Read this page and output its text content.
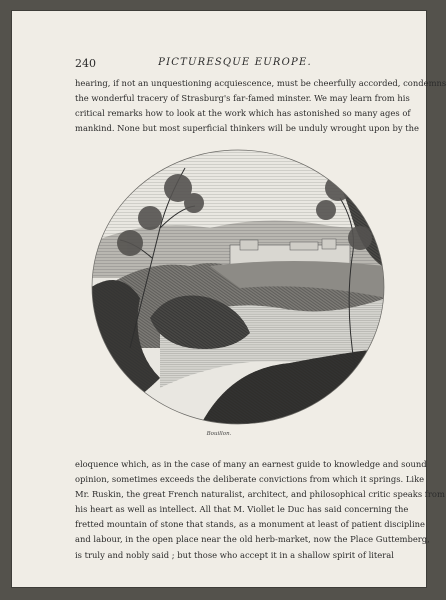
240	PICTURESQUE EUROPE.
hearing, if not an unquestioning acquiescence, must be cheerfully accorded, condemns
the wonderful tracery of Strasburg's far-famed minster. We may learn from his
critical remarks how to look at the work which has astonished so many ages of
mankind. None but most superficial thinkers will be unduly wrought upon by the
Bouillon.
eloquence which, as in the case of many an earnest guide to knowledge and sound
opinion, sometimes exceeds the deliberate convictions from which it springs. Like
Mr. Ruskin, the great French naturalist, architect, and philosophical critic speaks from
his heart as well as intellect. All that M. Viollet le Duc has said concerning the
fretted mountain of stone that stands, as a monument at least of patient discipline
and labour, in the open place near the old herb-market, now the Place Guttemberg,
is truly and nobly said ; but those who accept it in a shallow spirit of literal
